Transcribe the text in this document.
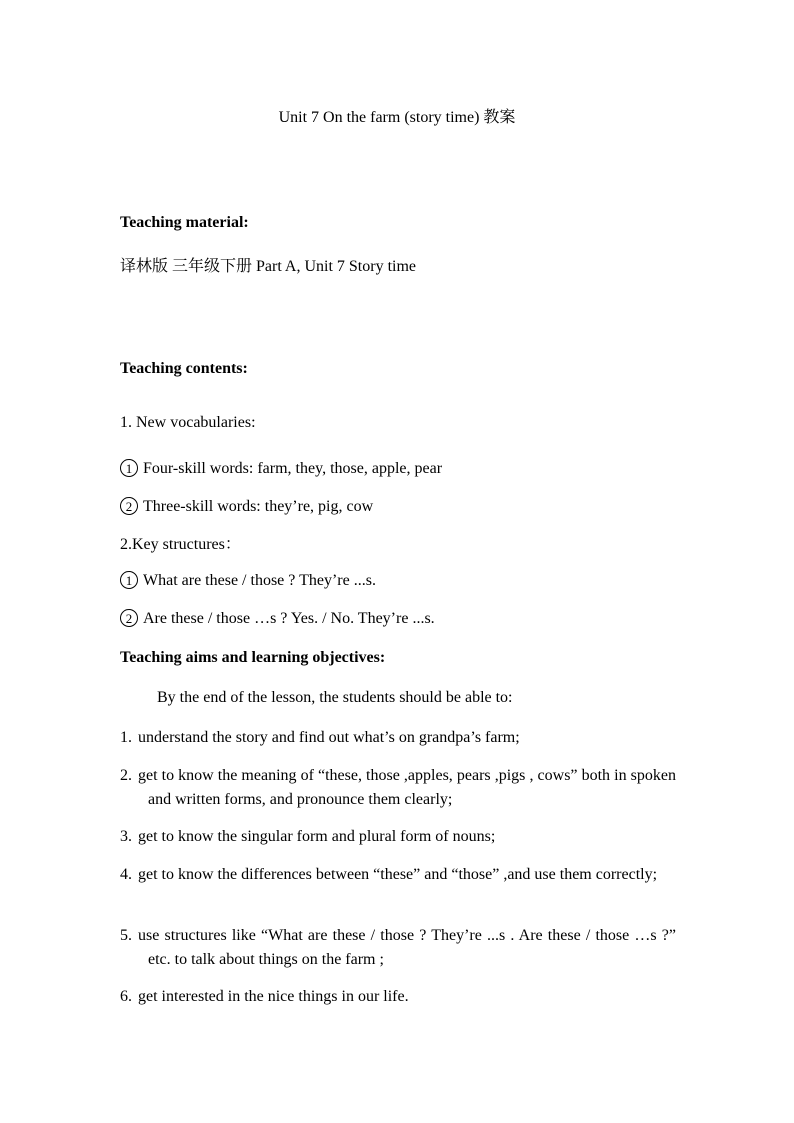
Unit 7 On the farm (story time) 教案
Teaching material:
译林版 三年级下册 Part A, Unit 7 Story time
Teaching contents:
1. New vocabularies:
1 Four-skill words: farm, they, those, apple, pear
2 Three-skill words: they’re, pig, cow
2.Key structures：
1 What are these / those ? They’re ...s.
2 Are these / those …s ? Yes. / No. They’re ...s.
Teaching aims and learning objectives:
By the end of the lesson, the students should be able to:
1. understand the story and find out what’s on grandpa’s farm;
2. get to know the meaning of “these, those ,apples, pears ,pigs , cows” both in spoken and written forms, and pronounce them clearly;
3. get to know the singular form and plural form of nouns;
4. get to know the differences between “these” and “those” ,and use them correctly;
5. use structures like “What are these / those ? They’re ...s . Are these / those …s ?” etc. to talk about things on the farm ;
6. get interested in the nice things in our life.
